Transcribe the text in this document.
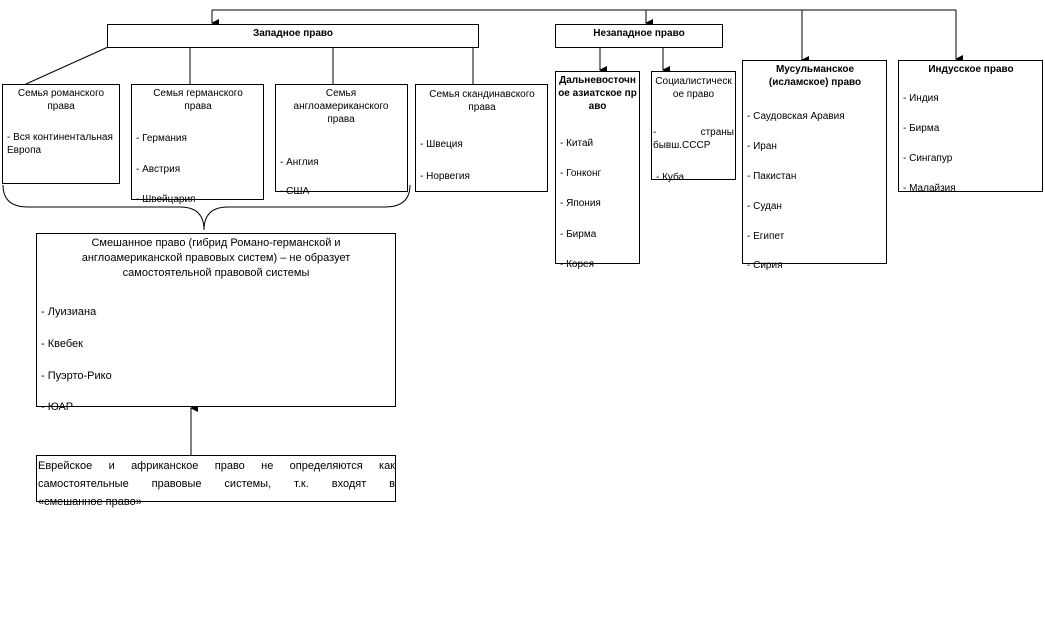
Западное право
Семья романского права
- Вся континентальная Европа
Семья германского права
- Германия
- Австрия
- Швейцария
Семья англоамериканского права
- Англия
- США
Семья скандинавского права
- Швеция
- Норвегия
Смешанное право (гибрид Романо-германской и англоамериканской правовых систем) – не образует самостоятельной правовой системы
- Луизиана
- Квебек
- Пуэрто-Рико
- ЮАР
Еврейское и африканское право не определяются как
самостоятельные правовые системы, т.к. входят в
«смешанное право»
Незападное право
Дальневосточное азиатское право
- Китай
- Гонконг
- Япония
- Бирма
- Корея
Социалистическое право
- страны бывш.СССР
- Куба
Мусульманское (исламское) право
- Саудовская Аравия
- Иран
- Пакистан
- Судан
- Египет
- Сирия
Индусское право
- Индия
- Бирма
- Сингапур
- Малайзия
